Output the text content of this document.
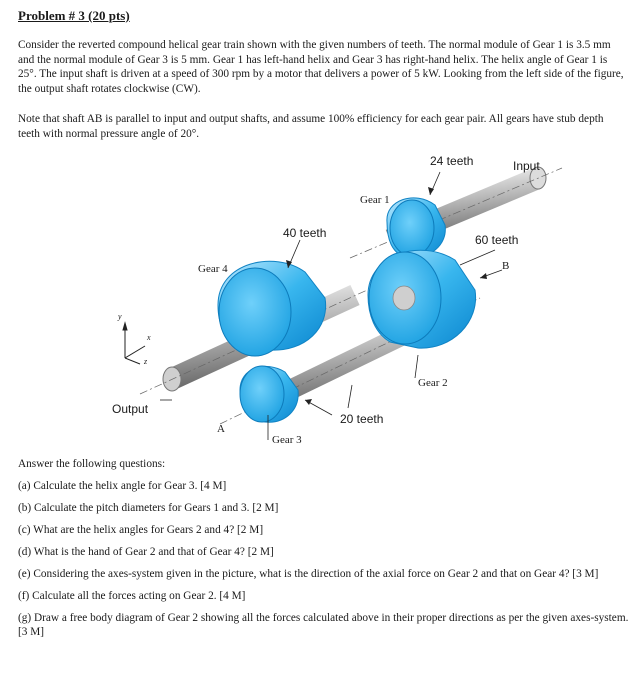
Problem # 3 (20 pts)

Consider the reverted compound helical gear train shown with the given numbers of teeth. The normal module of Gear 1 is 3.5 mm and the normal module of Gear 3 is 5 mm. Gear 1 has left-hand helix and Gear 3 has right-hand helix. The helix angle of Gear 1 is 25°. The input shaft is driven at a speed of 300 rpm by a motor that delivers a power of 5 kW. Looking from the left side of the figure, the output shaft rotates clockwise (CW).

Note that shaft AB is parallel to input and output shafts, and assume 100% efficiency for each gear pair. All gears have stub depth teeth with normal pressure angle of 20°.

24 teeth	Input
Gear 1
40 teeth	60 teeth
Gear 4	B
Gear 2
Output
20 teeth
A
Gear 3
y
x
z

Answer the following questions:

(a) Calculate the helix angle for Gear 3. [4 M]

(b) Calculate the pitch diameters for Gears 1 and 3. [2 M]

(c) What are the helix angles for Gears 2 and 4? [2 M]

(d) What is the hand of Gear 2 and that of Gear 4? [2 M]

(e) Considering the axes-system given in the picture, what is the direction of the axial force on Gear 2 and that on Gear 4? [3 M]

(f) Calculate all the forces acting on Gear 2. [4 M]

(g) Draw a free body diagram of Gear 2 showing all the forces calculated above in their proper directions as per the given axes-system. [3 M]
